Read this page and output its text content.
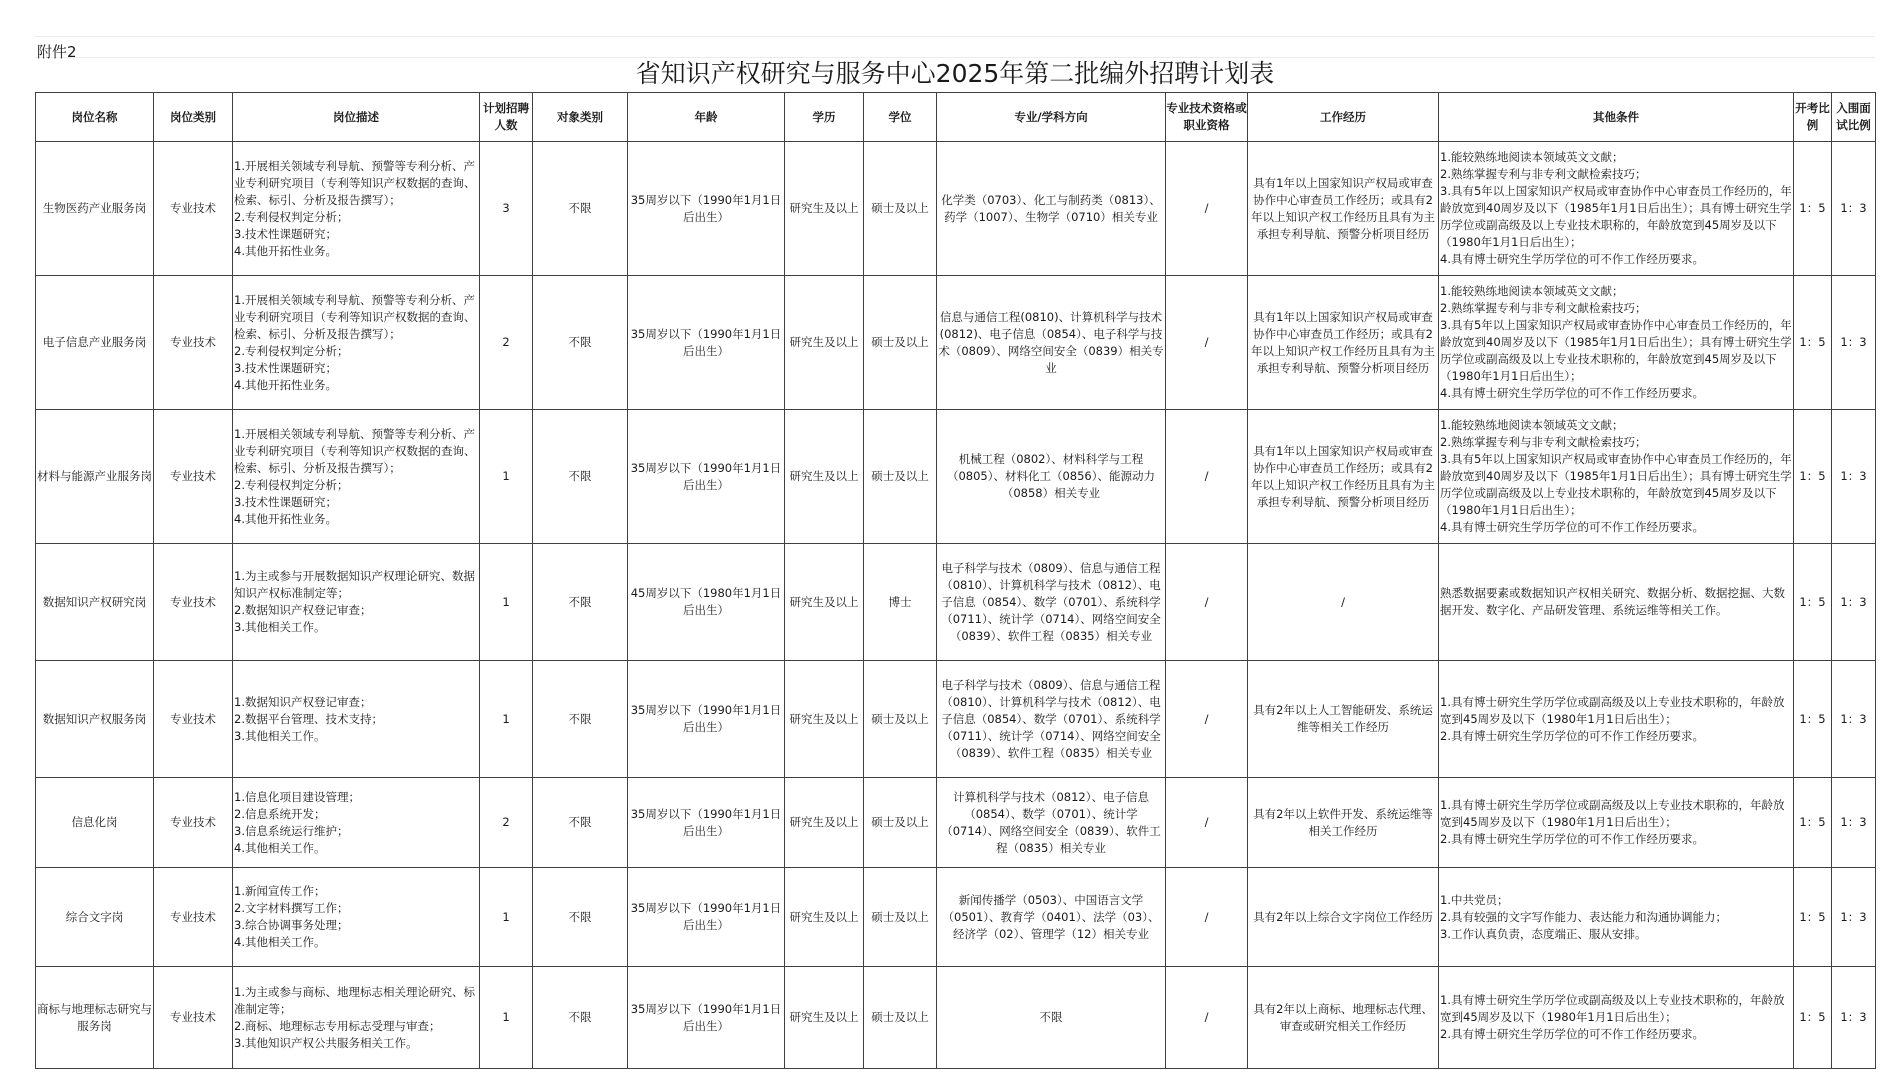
附件2
省知识产权研究与服务中心2025年第二批编外招聘计划表
岗位名称	岗位类别	岗位描述	计划招聘人数	对象类别	年龄	学历	学位	专业/学科方向	专业技术资格或职业资格	工作经历	其他条件	开考比例	入围面试比例
生物医药产业服务岗	专业技术	1.开展相关领域专利导航、预警等专利分析、产业专利研究项目（专利等知识产权数据的查询、检索、标引、分析及报告撰写）；
2.专利侵权判定分析；
3.技术性课题研究；
4.其他开拓性业务。	3	不限	35周岁以下（1990年1月1日后出生）	研究生及以上	硕士及以上	化学类（0703）、化工与制药类（0813）、药学（1007）、生物学（0710）相关专业	/	具有1年以上国家知识产权局或审查协作中心审查员工作经历；或具有2年以上知识产权工作经历且具有为主承担专利导航、预警分析项目经历	1.能较熟练地阅读本领域英文文献；
2.熟练掌握专利与非专利文献检索技巧；
3.具有5年以上国家知识产权局或审查协作中心审查员工作经历的，年龄放宽到40周岁及以下（1985年1月1日后出生）；具有博士研究生学历学位或副高级及以上专业技术职称的，年龄放宽到45周岁及以下（1980年1月1日后出生）；
4.具有博士研究生学历学位的可不作工作经历要求。	1：5	1：3
电子信息产业服务岗	专业技术	1.开展相关领域专利导航、预警等专利分析、产业专利研究项目（专利等知识产权数据的查询、检索、标引、分析及报告撰写）；
2.专利侵权判定分析；
3.技术性课题研究；
4.其他开拓性业务。	2	不限	35周岁以下（1990年1月1日后出生）	研究生及以上	硕士及以上	信息与通信工程(0810)、计算机科学与技术(0812)、电子信息（0854）、电子科学与技术（0809）、网络空间安全（0839）相关专业	/	具有1年以上国家知识产权局或审查协作中心审查员工作经历；或具有2年以上知识产权工作经历且具有为主承担专利导航、预警分析项目经历	1.能较熟练地阅读本领域英文文献；
2.熟练掌握专利与非专利文献检索技巧；
3.具有5年以上国家知识产权局或审查协作中心审查员工作经历的，年龄放宽到40周岁及以下（1985年1月1日后出生）；具有博士研究生学历学位或副高级及以上专业技术职称的，年龄放宽到45周岁及以下（1980年1月1日后出生）；
4.具有博士研究生学历学位的可不作工作经历要求。	1：5	1：3
材料与能源产业服务岗	专业技术	1.开展相关领域专利导航、预警等专利分析、产业专利研究项目（专利等知识产权数据的查询、检索、标引、分析及报告撰写）；
2.专利侵权判定分析；
3.技术性课题研究；
4.其他开拓性业务。	1	不限	35周岁以下（1990年1月1日后出生）	研究生及以上	硕士及以上	机械工程（0802）、材料科学与工程（0805）、材料化工（0856）、能源动力（0858）相关专业	/	具有1年以上国家知识产权局或审查协作中心审查员工作经历；或具有2年以上知识产权工作经历且具有为主承担专利导航、预警分析项目经历	1.能较熟练地阅读本领域英文文献；
2.熟练掌握专利与非专利文献检索技巧；
3.具有5年以上国家知识产权局或审查协作中心审查员工作经历的，年龄放宽到40周岁及以下（1985年1月1日后出生）；具有博士研究生学历学位或副高级及以上专业技术职称的，年龄放宽到45周岁及以下（1980年1月1日后出生）；
4.具有博士研究生学历学位的可不作工作经历要求。	1：5	1：3
数据知识产权研究岗	专业技术	1.为主或参与开展数据知识产权理论研究、数据知识产权标准制定等；
2.数据知识产权登记审查；
3.其他相关工作。	1	不限	45周岁以下（1980年1月1日后出生）	研究生及以上	博士	电子科学与技术（0809）、信息与通信工程（0810）、计算机科学与技术（0812）、电子信息（0854）、数学（0701）、系统科学（0711）、统计学（0714）、网络空间安全（0839）、软件工程（0835）相关专业	/	/	熟悉数据要素或数据知识产权相关研究、数据分析、数据挖掘、大数据开发、数字化、产品研发管理、系统运维等相关工作。	1：5	1：3
数据知识产权服务岗	专业技术	1.数据知识产权登记审查；
2.数据平台管理、技术支持；
3.其他相关工作。	1	不限	35周岁以下（1990年1月1日后出生）	研究生及以上	硕士及以上	电子科学与技术（0809）、信息与通信工程（0810）、计算机科学与技术（0812）、电子信息（0854）、数学（0701）、系统科学（0711）、统计学（0714）、网络空间安全（0839）、软件工程（0835）相关专业	/	具有2年以上人工智能研发、系统运维等相关工作经历	1.具有博士研究生学历学位或副高级及以上专业技术职称的，年龄放宽到45周岁及以下（1980年1月1日后出生）；
2.具有博士研究生学历学位的可不作工作经历要求。	1：5	1：3
信息化岗	专业技术	1.信息化项目建设管理；
2.信息系统开发；
3.信息系统运行维护；
4.其他相关工作。	2	不限	35周岁以下（1990年1月1日后出生）	研究生及以上	硕士及以上	计算机科学与技术（0812）、电子信息（0854）、数学（0701）、统计学（0714）、网络空间安全（0839）、软件工程（0835）相关专业	/	具有2年以上软件开发、系统运维等相关工作经历	1.具有博士研究生学历学位或副高级及以上专业技术职称的，年龄放宽到45周岁及以下（1980年1月1日后出生）；
2.具有博士研究生学历学位的可不作工作经历要求。	1：5	1：3
综合文字岗	专业技术	1.新闻宣传工作；
2.文字材料撰写工作；
3.综合协调事务处理；
4.其他相关工作。	1	不限	35周岁以下（1990年1月1日后出生）	研究生及以上	硕士及以上	新闻传播学（0503）、中国语言文学（0501）、教育学（0401）、法学（03）、经济学（02）、管理学（12）相关专业	/	具有2年以上综合文字岗位工作经历	1.中共党员；
2.具有较强的文字写作能力、表达能力和沟通协调能力；
3.工作认真负责，态度端正、服从安排。	1：5	1：3
商标与地理标志研究与服务岗	专业技术	1.为主或参与商标、地理标志相关理论研究、标准制定等；
2.商标、地理标志专用标志受理与审查；
3.其他知识产权公共服务相关工作。	1	不限	35周岁以下（1990年1月1日后出生）	研究生及以上	硕士及以上	不限	/	具有2年以上商标、地理标志代理、审查或研究相关工作经历	1.具有博士研究生学历学位或副高级及以上专业技术职称的，年龄放宽到45周岁及以下（1980年1月1日后出生）；
2.具有博士研究生学历学位的可不作工作经历要求。	1：5	1：3
